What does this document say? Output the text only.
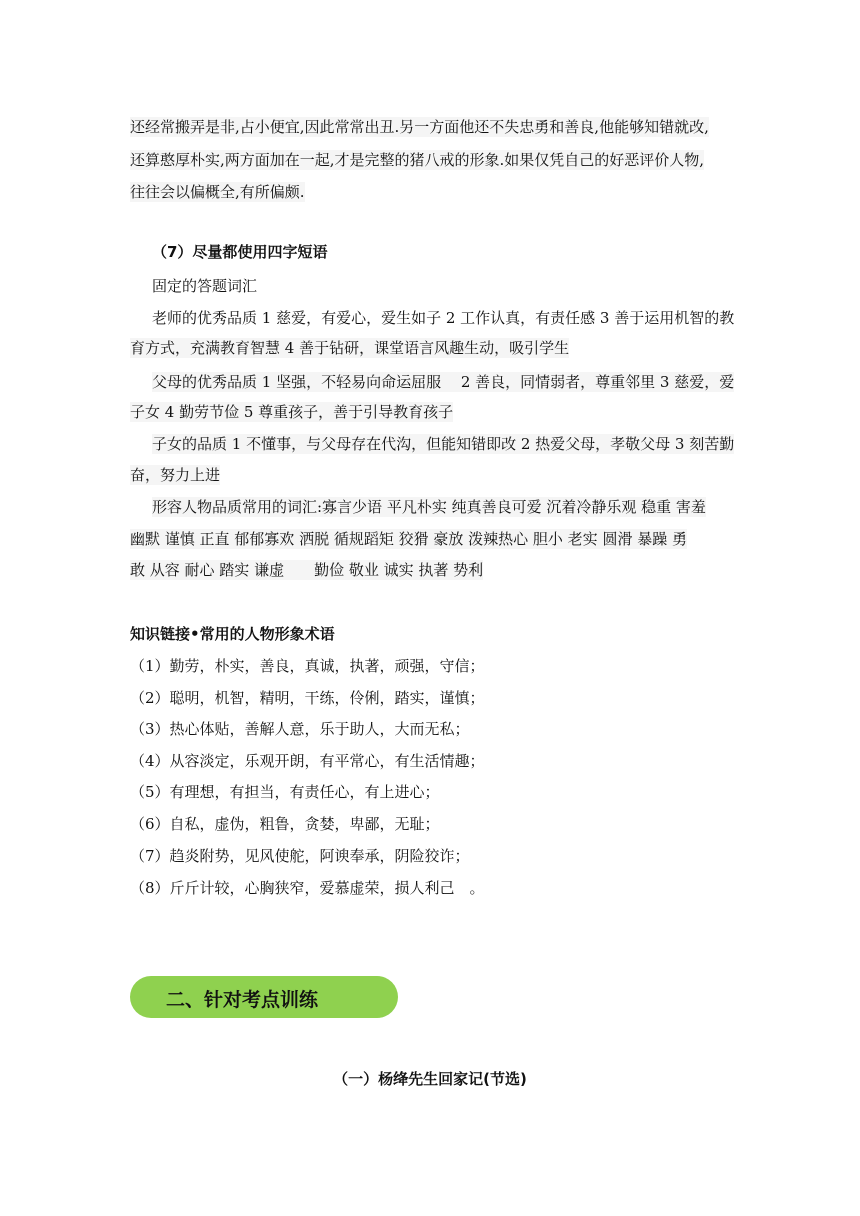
还经常搬弄是非,占小便宜,因此常常出丑.另一方面他还不失忠勇和善良,他能够知错就改,
还算憨厚朴实,两方面加在一起,才是完整的猪八戒的形象.如果仅凭自己的好恶评价人物,
往往会以偏概全,有所偏颇.
（7）尽量都使用四字短语
固定的答题词汇
老师的优秀品质 1 慈爱，有爱心，爱生如子 2 工作认真，有责任感 3 善于运用机智的教
育方式，充满教育智慧 4 善于钻研，课堂语言风趣生动，吸引学生
父母的优秀品质 1 坚强，不轻易向命运屈服　 2 善良，同情弱者，尊重邻里 3 慈爱，爱
子女 4 勤劳节俭 5 尊重孩子，善于引导教育孩子
子女的品质 1 不懂事，与父母存在代沟，但能知错即改 2 热爱父母，孝敬父母 3 刻苦勤
奋，努力上进
形容人物品质常用的词汇:寡言少语 平凡朴实 纯真善良可爱 沉着冷静乐观 稳重 害羞
幽默 谨慎 正直 郁郁寡欢 洒脱 循规蹈矩 狡猾 豪放 泼辣热心 胆小 老实 圆滑 暴躁 勇
敢 从容 耐心 踏实 谦虚　　勤俭 敬业 诚实 执著 势利
知识链接•常用的人物形象术语
（1）勤劳，朴实，善良，真诚，执著，顽强，守信；
（2）聪明，机智，精明，干练，伶俐，踏实，谨慎；
（3）热心体贴，善解人意，乐于助人，大而无私；
（4）从容淡定，乐观开朗，有平常心，有生活情趣；
（5）有理想，有担当，有责任心，有上进心；
（6）自私，虚伪，粗鲁，贪婪，卑鄙，无耻；
（7）趋炎附势，见风使舵，阿谀奉承，阴险狡诈；
（8）斤斤计较，心胸狭窄，爱慕虚荣，损人利己　。
二、针对考点训练
（一）杨绛先生回家记(节选)
